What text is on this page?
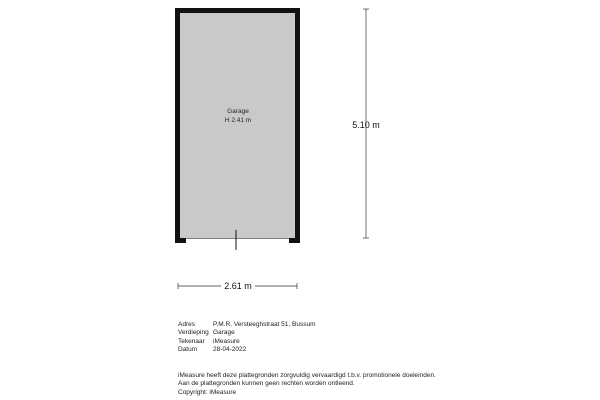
Garage
H 2.41 m	5.10 m
2.61 m
Adres	P.M.R. Versteeghstraat 51, Bussum
Verdieping Garage
Tekenaar	iMeasure
Datum	28-04-2022
iMeasure heeft deze plattegronden zorgvuldig vervaardigd t.b.v. promotionele doeleinden.
Aan de plattegronden kunnen geen rechten worden ontleend.
Copyright: iMeasure
